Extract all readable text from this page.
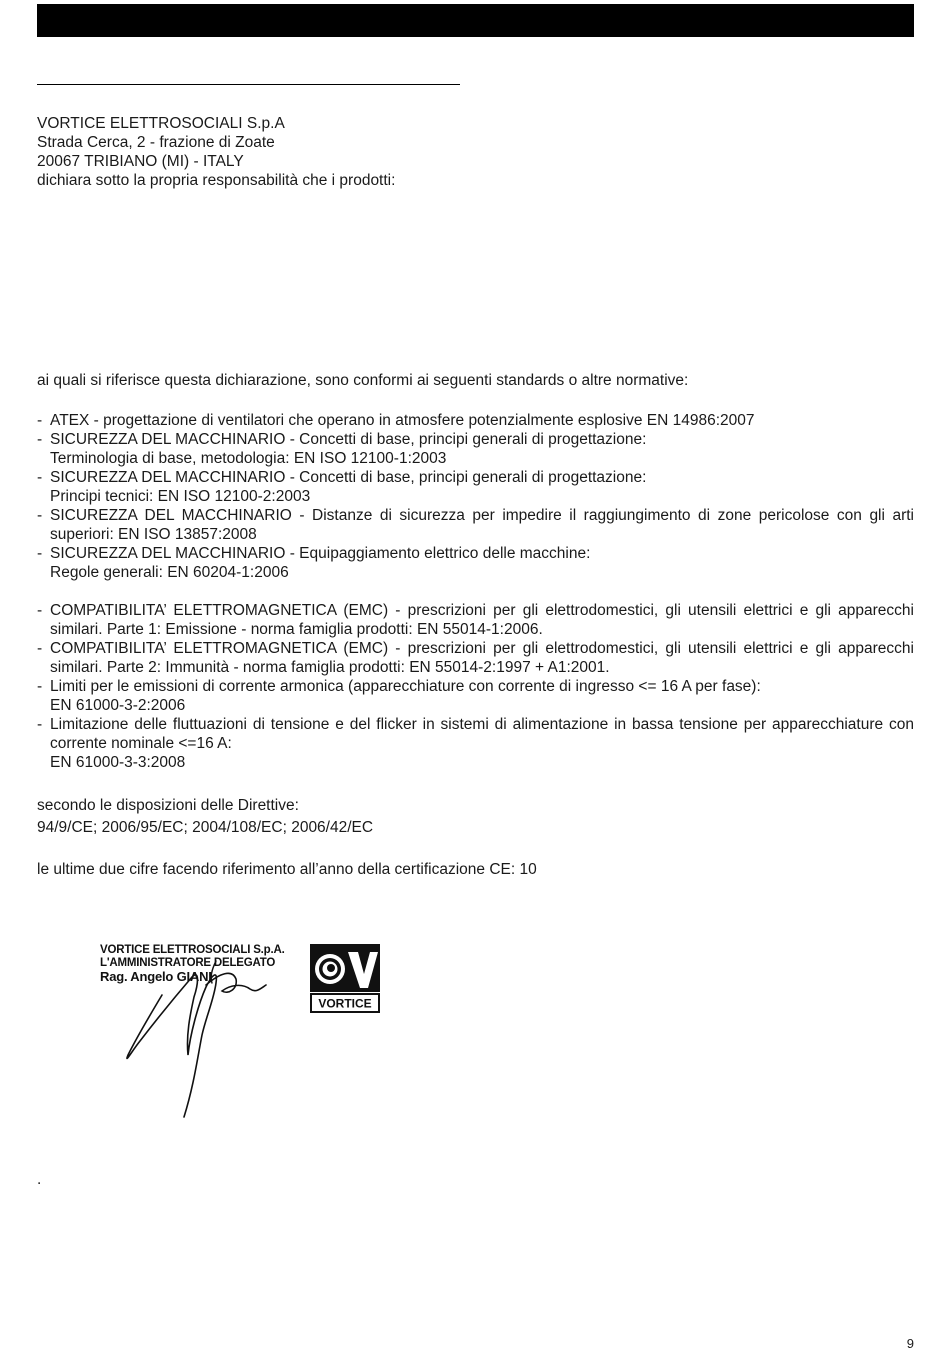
VORTICE ELETTROSOCIALI S.p.A
Strada Cerca, 2 - frazione di Zoate
20067 TRIBIANO (MI) - ITALY
dichiara sotto la propria responsabilità che i prodotti:
ai quali si riferisce questa dichiarazione, sono conformi ai seguenti standards o altre normative:
- ATEX - progettazione di ventilatori che operano in atmosfere potenzialmente esplosive EN 14986:2007
- SICUREZZA DEL MACCHINARIO - Concetti di base, principi generali di progettazione:
Terminologia di base, metodologia: EN ISO 12100-1:2003
- SICUREZZA DEL MACCHINARIO - Concetti di base, principi generali di progettazione:
Principi tecnici: EN ISO 12100-2:2003
- SICUREZZA DEL MACCHINARIO - Distanze di sicurezza per impedire il raggiungimento di zone pericolose con gli arti superiori: EN ISO 13857:2008
- SICUREZZA DEL MACCHINARIO - Equipaggiamento elettrico delle macchine:
Regole generali: EN 60204-1:2006
- COMPATIBILITA’ ELETTROMAGNETICA (EMC) - prescrizioni per gli elettrodomestici, gli utensili elettrici e gli apparecchi similari. Parte 1: Emissione - norma famiglia prodotti: EN 55014-1:2006.
- COMPATIBILITA’ ELETTROMAGNETICA (EMC) - prescrizioni per gli elettrodomestici, gli utensili elettrici e gli apparecchi similari. Parte 2: Immunità - norma famiglia prodotti: EN 55014-2:1997 + A1:2001.
- Limiti per le emissioni di corrente armonica (apparecchiature con corrente di ingresso <= 16 A per fase):
EN 61000-3-2:2006
- Limitazione delle fluttuazioni di tensione e del flicker in sistemi di alimentazione in bassa tensione per apparecchiature con corrente nominale <=16 A:
EN 61000-3-3:2008
secondo le disposizioni delle Direttive:
94/9/CE; 2006/95/EC; 2004/108/EC; 2006/42/EC
le ultime due cifre facendo riferimento all’anno della certificazione CE: 10
VORTICE ELETTROSOCIALI S.p.A.
L'AMMINISTRATORE DELEGATO
Rag. Angelo GIANI
VORTICE
.
9
